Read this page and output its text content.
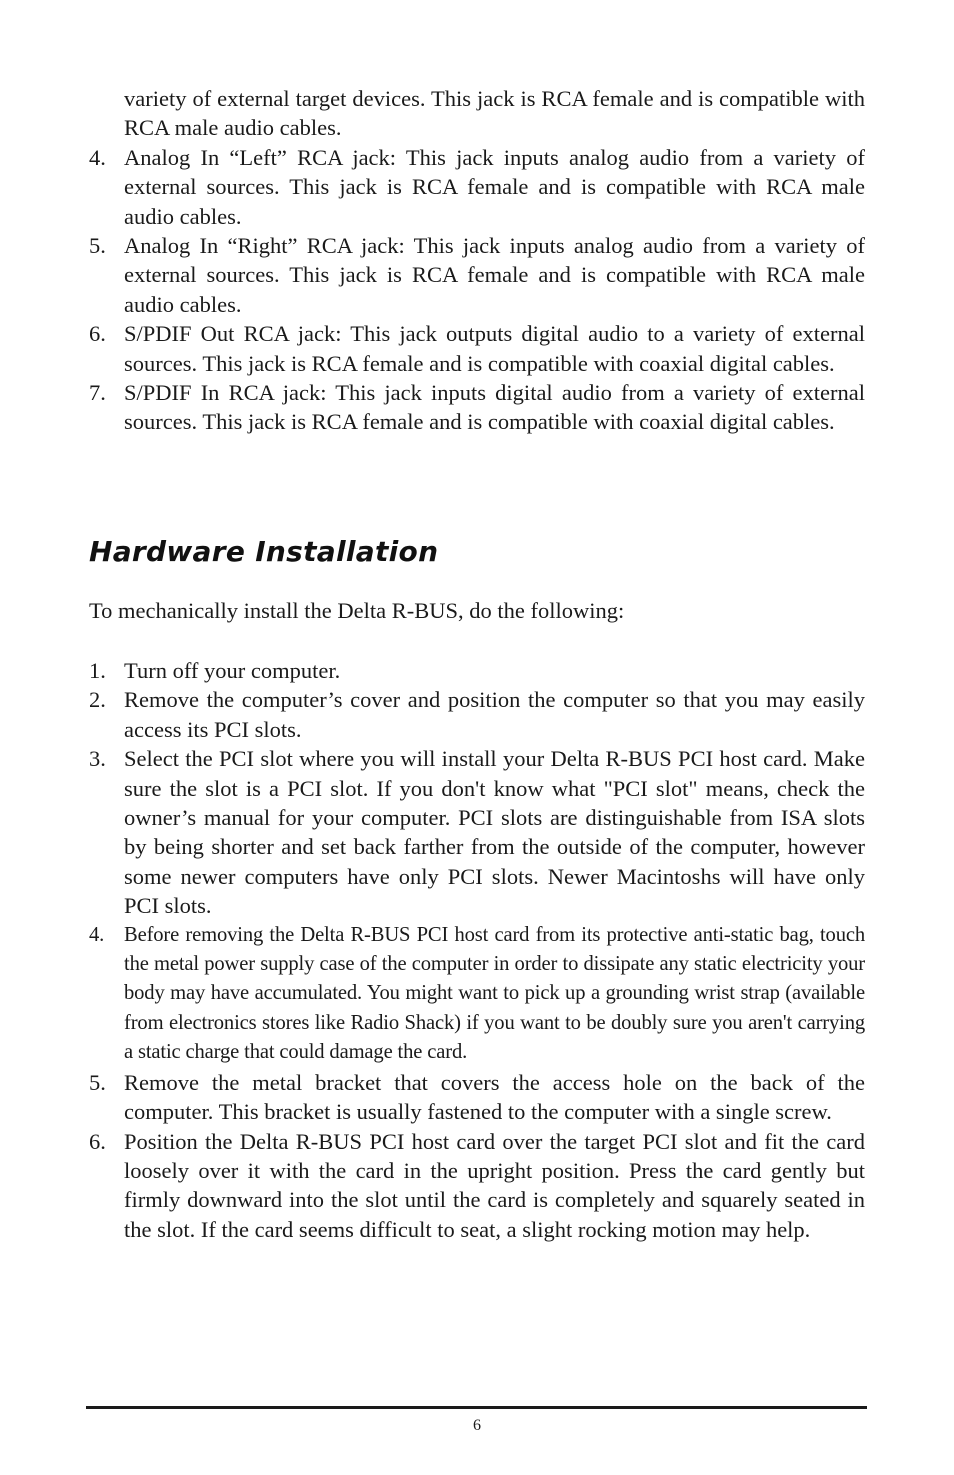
variety of external target devices. This jack is RCA female and is compatible with RCA male audio cables.
4. Analog In “Left” RCA jack: This jack inputs analog audio from a variety of external sources. This jack is RCA female and is compatible with RCA male audio cables.
5. Analog In “Right” RCA jack: This jack inputs analog audio from a variety of external sources. This jack is RCA female and is compatible with RCA male audio cables.
6. S/PDIF Out RCA jack: This jack outputs digital audio to a variety of external sources. This jack is RCA female and is compatible with coaxial digital cables.
7. S/PDIF In RCA jack: This jack inputs digital audio from a variety of external sources. This jack is RCA female and is compatible with coaxial digital cables.
Hardware Installation

To mechanically install the Delta R-BUS, do the following:

1. Turn off your computer.
2. Remove the computer’s cover and position the computer so that you may easily access its PCI slots.
3. Select the PCI slot where you will install your Delta R-BUS PCI host card. Make sure the slot is a PCI slot. If you don't know what "PCI slot" means, check the owner’s manual for your computer. PCI slots are distinguishable from ISA slots by being shorter and set back farther from the outside of the computer, however some newer computers have only PCI slots. Newer Macintoshs will have only PCI slots.
4. Before removing the Delta R-BUS PCI host card from its protective anti-static bag, touch the metal power supply case of the computer in order to dissipate any static electricity your body may have accumulated. You might want to pick up a grounding wrist strap (available from electronics stores like Radio Shack) if you want to be doubly sure you aren't carrying a static charge that could damage the card.
5. Remove the metal bracket that covers the access hole on the back of the computer. This bracket is usually fastened to the computer with a single screw.
6. Position the Delta R-BUS PCI host card over the target PCI slot and fit the card loosely over it with the card in the upright position. Press the card gently but firmly downward into the slot until the card is completely and squarely seated in the slot. If the card seems difficult to seat, a slight rocking motion may help.
6
